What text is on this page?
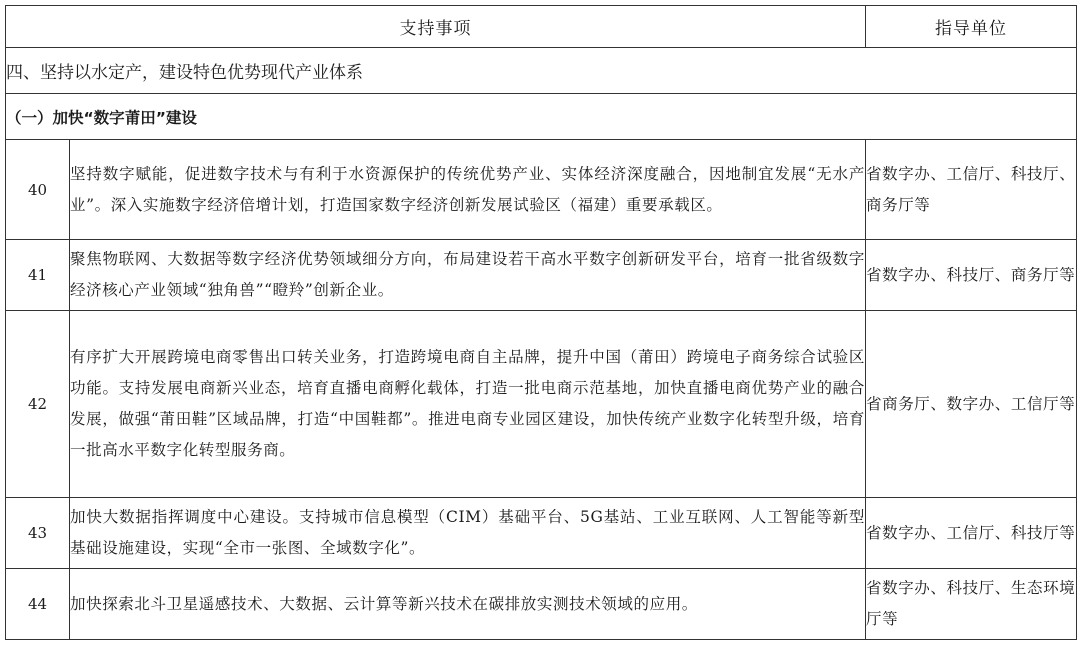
支持事项		指导单位
四、坚持以水定产，建设特色优势现代产业体系		
（一）加快“数字莆田”建设		
40	坚持数字赋能，促进数字技术与有利于水资源保护的传统优势产业、实体经济深度融合，因地制宜发展“无水产业”。深入实施数字经济倍增计划，打造国家数字经济创新发展试验区（福建）重要承载区。	省数字办、工信厅、科技厅、商务厅等
41	聚焦物联网、大数据等数字经济优势领域细分方向，布局建设若干高水平数字创新研发平台，培育一批省级数字经济核心产业领域“独角兽”“瞪羚”创新企业。	省数字办、科技厅、商务厅等
42	有序扩大开展跨境电商零售出口转关业务，打造跨境电商自主品牌，提升中国（莆田）跨境电子商务综合试验区功能。支持发展电商新兴业态，培育直播电商孵化载体，打造一批电商示范基地，加快直播电商优势产业的融合发展，做强“莆田鞋”区域品牌，打造“中国鞋都”。推进电商专业园区建设，加快传统产业数字化转型升级，培育一批高水平数字化转型服务商。	省商务厅、数字办、工信厅等
43	加快大数据指挥调度中心建设。支持城市信息模型（CIM）基础平台、5G基站、工业互联网、人工智能等新型基础设施建设，实现“全市一张图、全域数字化”。	省数字办、工信厅、科技厅等
44	加快探索北斗卫星遥感技术、大数据、云计算等新兴技术在碳排放实测技术领域的应用。	省数字办、科技厅、生态环境厅等
